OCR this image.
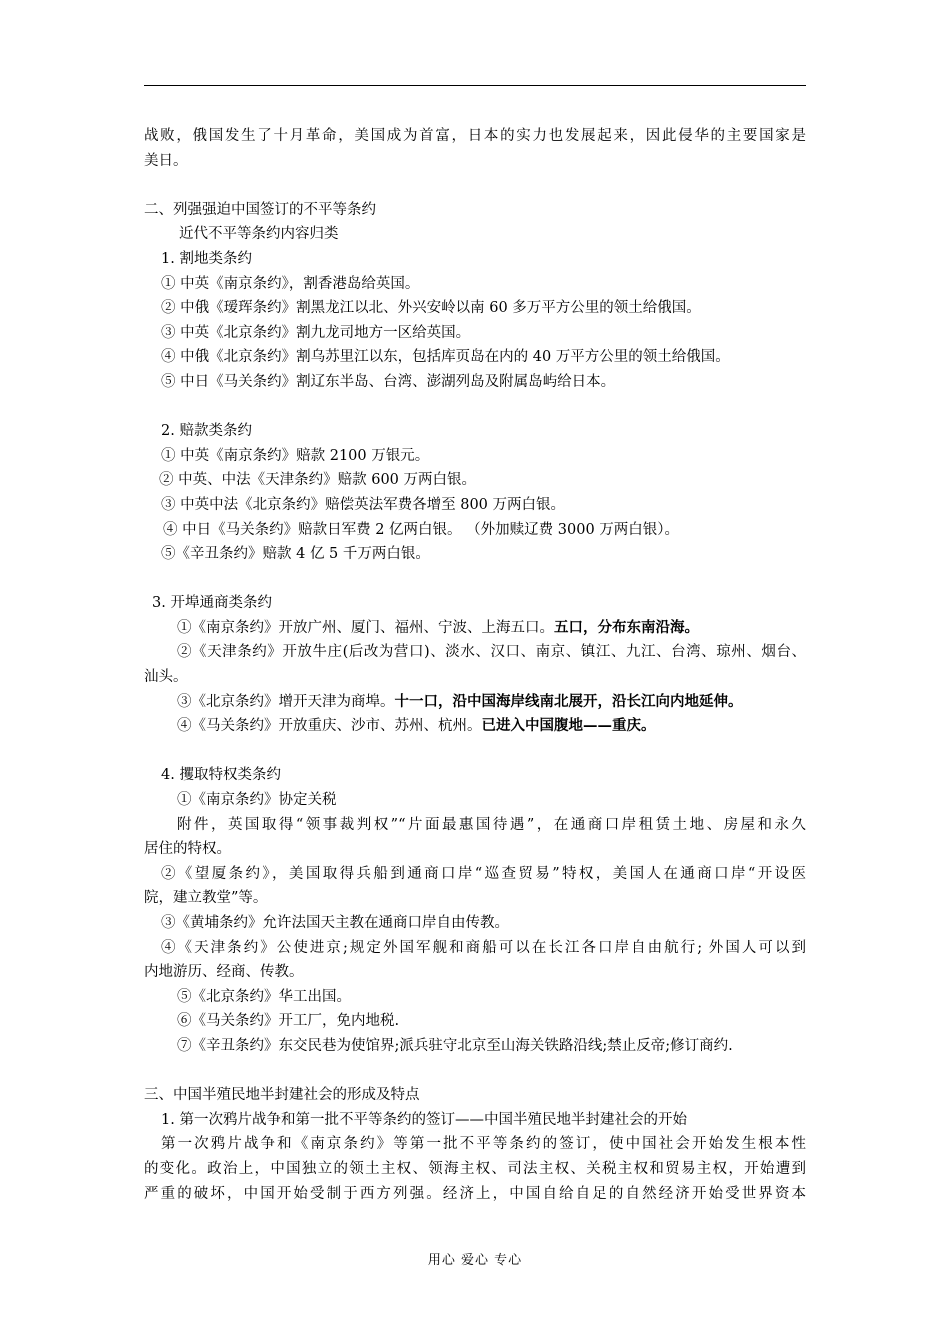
战败，俄国发生了十月革命，美国成为首富，日本的实力也发展起来，因此侵华的主要国家是
美日。
二、列强强迫中国签订的不平等条约
近代不平等条约内容归类
1. 割地类条约
① 中英《南京条约》，割香港岛给英国。
② 中俄《瑷珲条约》割黑龙江以北、外兴安岭以南 60 多万平方公里的领土给俄国。
③ 中英《北京条约》割九龙司地方一区给英国。
④ 中俄《北京条约》割乌苏里江以东，包括库页岛在内的 40 万平方公里的领土给俄国。
⑤ 中日《马关条约》割辽东半岛、台湾、澎湖列岛及附属岛屿给日本。
2. 赔款类条约
① 中英《南京条约》赔款 2100 万银元。
② 中英、中法《天津条约》赔款 600 万两白银。
③ 中英中法《北京条约》赔偿英法军费各增至 800 万两白银。
④ 中日《马关条约》赔款日军费 2 亿两白银。 （外加赎辽费 3000 万两白银）。
⑤《辛丑条约》赔款 4 亿 5 千万两白银。
3. 开埠通商类条约
①《南京条约》开放广州、厦门、福州、宁波、上海五口。五口，分布东南沿海。
②《天津条约》开放牛庄(后改为营口)、淡水、汉口、南京、镇江、九江、台湾、琼州、烟台、
汕头。
③《北京条约》增开天津为商埠。十一口，沿中国海岸线南北展开，沿长江向内地延伸。
④《马关条约》开放重庆、沙市、苏州、杭州。已进入中国腹地——重庆。
4. 攫取特权类条约
①《南京条约》协定关税
附件，英国取得“领事裁判权”“片面最惠国待遇”，在通商口岸租赁土地、房屋和永久
居住的特权。
②《望厦条约》，美国取得兵船到通商口岸“巡查贸易”特权，美国人在通商口岸“开设医
院，建立教堂”等。
③《黄埔条约》允许法国天主教在通商口岸自由传教。
④《天津条约》公使进京;规定外国军舰和商船可以在长江各口岸自由航行; 外国人可以到
内地游历、经商、传教。
⑤《北京条约》华工出国。
⑥《马关条约》开工厂，免内地税.
⑦《辛丑条约》东交民巷为使馆界;派兵驻守北京至山海关铁路沿线;禁止反帝;修订商约.
三、中国半殖民地半封建社会的形成及特点
1. 第一次鸦片战争和第一批不平等条约的签订——中国半殖民地半封建社会的开始
第一次鸦片战争和《南京条约》等第一批不平等条约的签订，使中国社会开始发生根本性
的变化。政治上，中国独立的领土主权、领海主权、司法主权、关税主权和贸易主权，开始遭到
严重的破坏，中国开始受制于西方列强。经济上，中国自给自足的自然经济开始受世界资本
用心 爱心 专心
